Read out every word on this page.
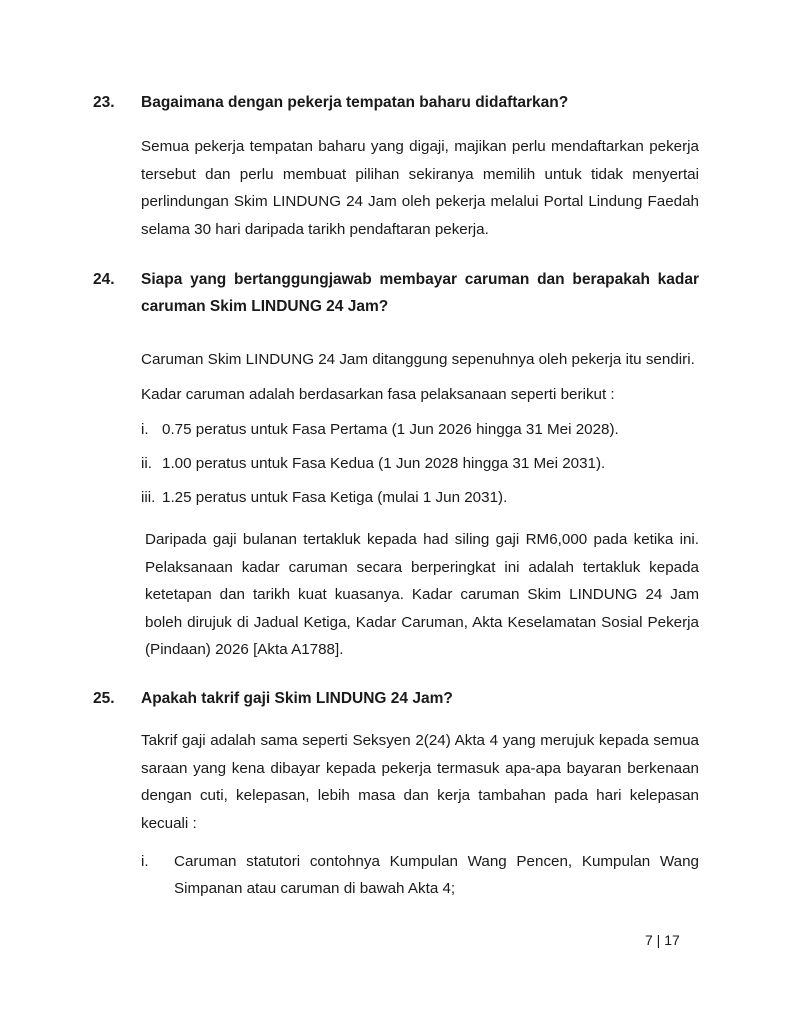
23. Bagaimana dengan pekerja tempatan baharu didaftarkan?

Semua pekerja tempatan baharu yang digaji, majikan perlu mendaftarkan pekerja tersebut dan perlu membuat pilihan sekiranya memilih untuk tidak menyertai perlindungan Skim LINDUNG 24 Jam oleh pekerja melalui Portal Lindung Faedah selama 30 hari daripada tarikh pendaftaran pekerja.

24. Siapa yang bertanggungjawab membayar caruman dan berapakah kadar caruman Skim LINDUNG 24 Jam?

Caruman Skim LINDUNG 24 Jam ditanggung sepenuhnya oleh pekerja itu sendiri.

Kadar caruman adalah berdasarkan fasa pelaksanaan seperti berikut :

i. 0.75 peratus untuk Fasa Pertama (1 Jun 2026 hingga 31 Mei 2028).
ii. 1.00 peratus untuk Fasa Kedua (1 Jun 2028 hingga 31 Mei 2031).
iii. 1.25 peratus untuk Fasa Ketiga (mulai 1 Jun 2031).

Daripada gaji bulanan tertakluk kepada had siling gaji RM6,000 pada ketika ini. Pelaksanaan kadar caruman secara berperingkat ini adalah tertakluk kepada ketetapan dan tarikh kuat kuasanya. Kadar caruman Skim LINDUNG 24 Jam boleh dirujuk di Jadual Ketiga, Kadar Caruman, Akta Keselamatan Sosial Pekerja (Pindaan) 2026 [Akta A1788].

25. Apakah takrif gaji Skim LINDUNG 24 Jam?

Takrif gaji adalah sama seperti Seksyen 2(24) Akta 4 yang merujuk kepada semua saraan yang kena dibayar kepada pekerja termasuk apa-apa bayaran berkenaan dengan cuti, kelepasan, lebih masa dan kerja tambahan pada hari kelepasan kecuali :

i. Caruman statutori contohnya Kumpulan Wang Pencen, Kumpulan Wang Simpanan atau caruman di bawah Akta 4;
7 | 17
